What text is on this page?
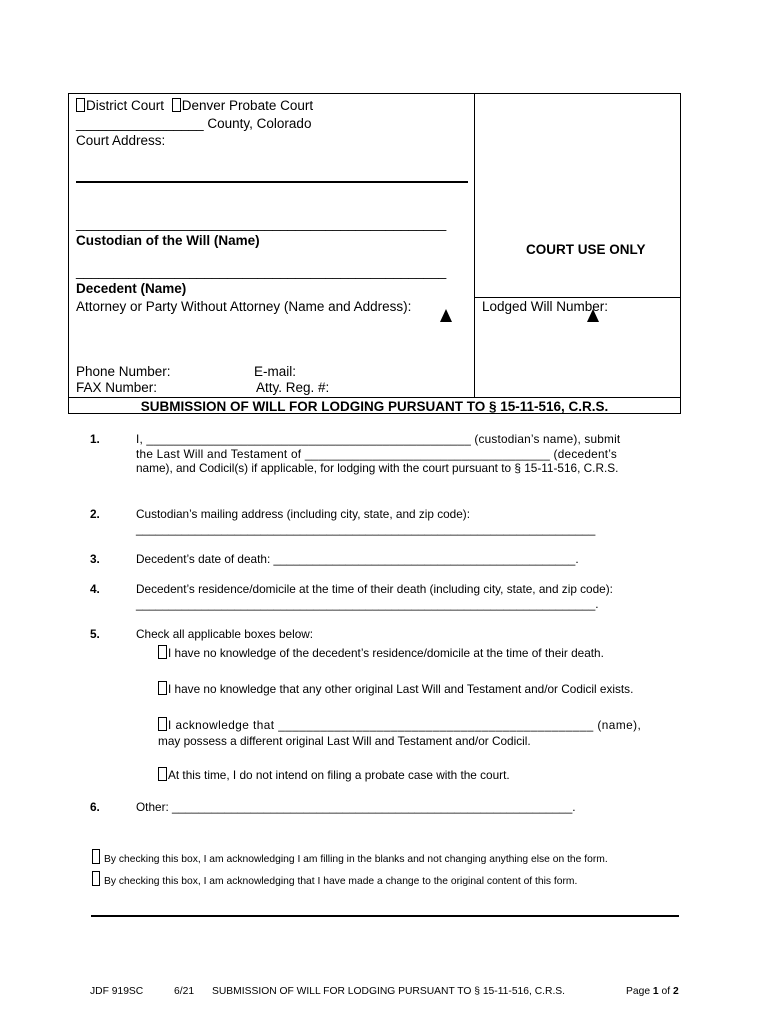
District Court Denver Probate Court
_________________ County, Colorado
Court Address:
_________________________________________________
Custodian of the Will (Name)
_________________________________________________
Decedent (Name)
Attorney or Party Without Attorney (Name and Address):
Phone Number:	E-mail:
FAX Number:	Atty. Reg. #:
COURT USE ONLY
Lodged Will Number:
SUBMISSION OF WILL FOR LODGING PURSUANT TO § 15-11-516, C.R.S.
1.	I, ________________________________________________ (custodian’s name), submit
the Last Will and Testament of ____________________________________ (decedent’s
name), and Codicil(s) if applicable, for lodging with the court pursuant to § 15-11-516, C.R.S.
2.	Custodian’s mailing address (including city, state, and zip code):
______________________________________________________________________
3.	Decedent’s date of death: ______________________________________________.
4.	Decedent’s residence/domicile at the time of their death (including city, state, and zip code):
______________________________________________________________________.
5.	Check all applicable boxes below:
I have no knowledge of the decedent’s residence/domicile at the time of their death.
I have no knowledge that any other original Last Will and Testament and/or Codicil exists.
I acknowledge that _____________________________________________ (name),
may possess a different original Last Will and Testament and/or Codicil.
At this time, I do not intend on filing a probate case with the court.
6.	Other: _____________________________________________________________.
By checking this box, I am acknowledging I am filling in the blanks and not changing anything else on the form.
By checking this box, I am acknowledging that I have made a change to the original content of this form.
JDF 919SC	6/21 SUBMISSION OF WILL FOR LODGING PURSUANT TO § 15-11-516, C.R.S.	Page 1 of 2
